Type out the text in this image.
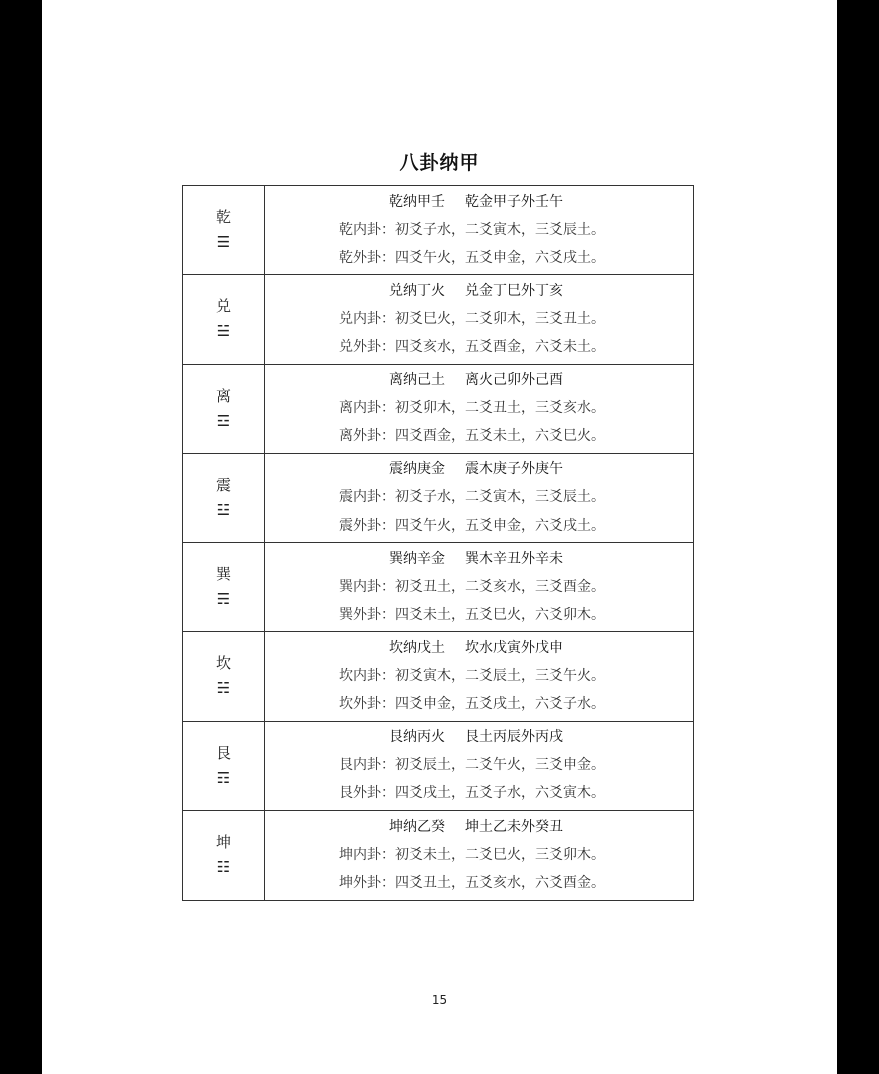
八卦纳甲
乾
☰
乾纳甲壬 乾金甲子外壬午
乾内卦：初爻子水，二爻寅木，三爻辰土。
乾外卦：四爻午火，五爻申金，六爻戌土。
兑
☱
兑纳丁火 兑金丁巳外丁亥
兑内卦：初爻巳火，二爻卯木，三爻丑土。
兑外卦：四爻亥水，五爻酉金，六爻未土。
离
☲
离纳己土 离火己卯外己酉
离内卦：初爻卯木，二爻丑土，三爻亥水。
离外卦：四爻酉金，五爻未土，六爻巳火。
震
☳
震纳庚金 震木庚子外庚午
震内卦：初爻子水，二爻寅木，三爻辰土。
震外卦：四爻午火，五爻申金，六爻戌土。
巽
☴
巽纳辛金 巽木辛丑外辛未
巽内卦：初爻丑土，二爻亥水，三爻酉金。
巽外卦：四爻未土，五爻巳火，六爻卯木。
坎
☵
坎纳戊土 坎水戊寅外戊申
坎内卦：初爻寅木，二爻辰土，三爻午火。
坎外卦：四爻申金，五爻戌土，六爻子水。
艮
☶
艮纳丙火 艮土丙辰外丙戌
艮内卦：初爻辰土，二爻午火，三爻申金。
艮外卦：四爻戌土，五爻子水，六爻寅木。
坤
☷
坤纳乙癸 坤土乙未外癸丑
坤内卦：初爻未土，二爻巳火，三爻卯木。
坤外卦：四爻丑土，五爻亥水，六爻酉金。
15
